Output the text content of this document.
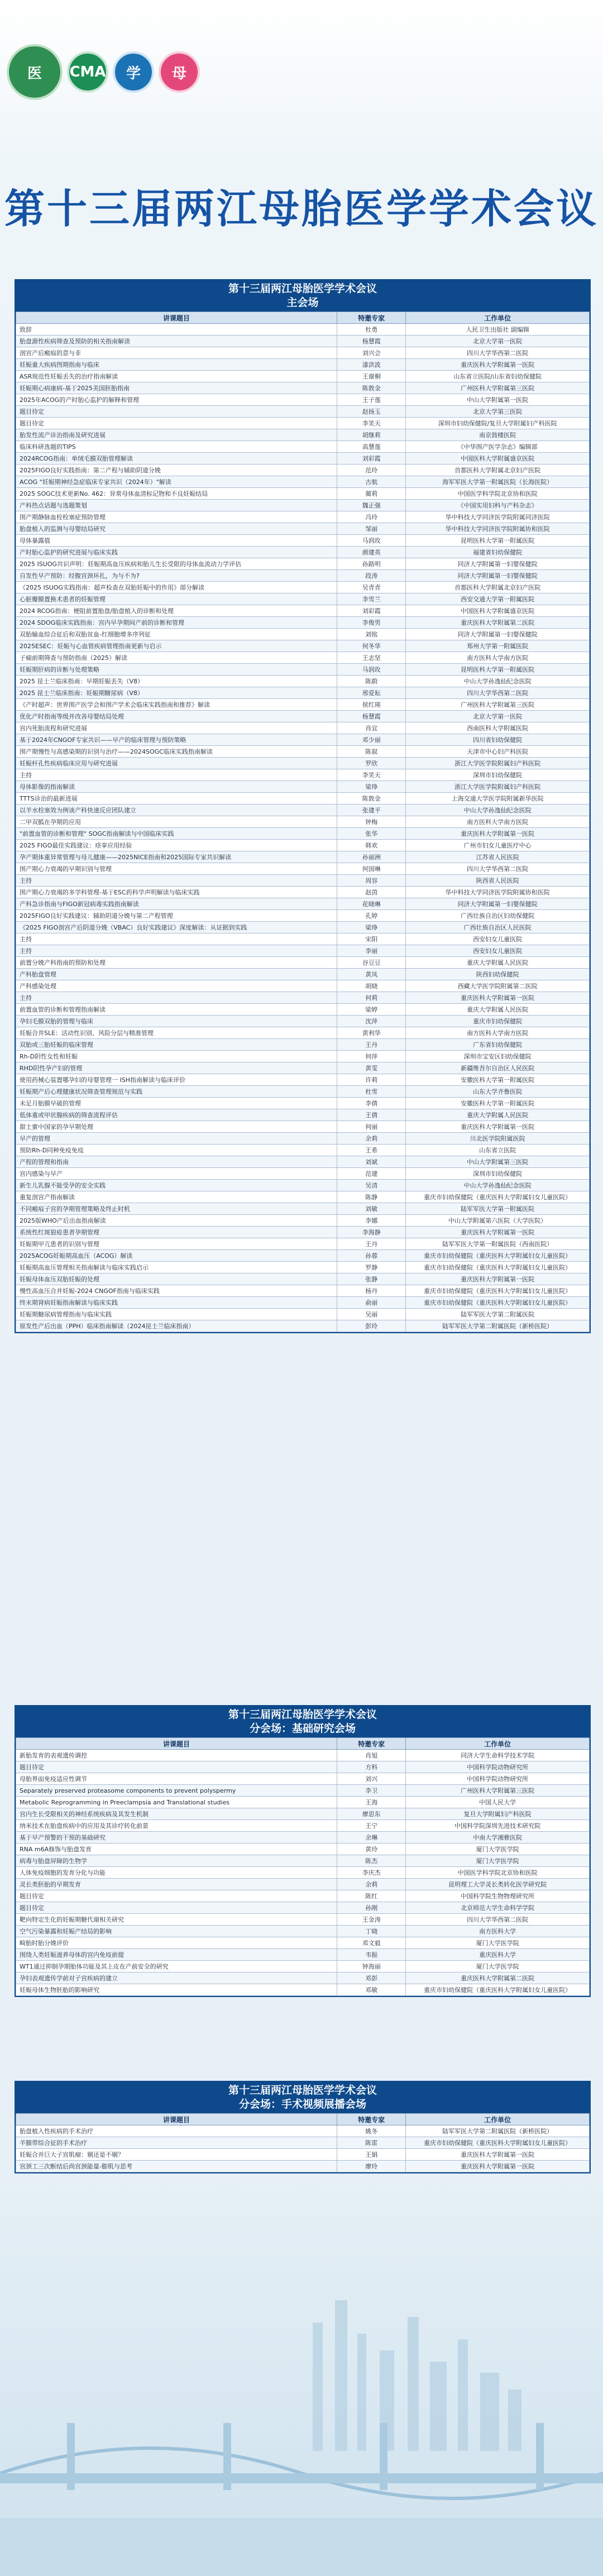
医	CMA	学	母
第十三届两江母胎医学学术会议
第十三届两江母胎医学学术会议
主会场
讲课题目	特邀专家	工作单位
致辞	杜勇	人民卫生出版社 副编辑
胎盘源性疾病筛查及预防的相关指南解读	杨慧霞	北京大学第一医院
剖宫产后瘢痕的意与非	刘兴会	四川大学华西第二医院
妊娠重大疾病图期指南与临床	漆洪波	重庆医科大学附属第一医院
ASR规范性妊娠丢失的治疗指南解读	王谢桐	山东省立医院/山东省妇幼保健院
妊娠期心病康病-基于2025美国胚胎指南	陈敦金	广州医科大学附属第三医院
2025年ACOG的产时胎心监护的解释和管理	王子莲	中山大学附属第一医院
题目待定	赵扬玉	北京大学第三医院
题目待定	李笑天	深圳市妇幼保健院/复旦大学附属妇产科医院
胎发性流产诊治指南及研究进展	胡继莉	南京鼓楼医院
临床科研选题的TIPS	高慧莲	《中华围产医学杂志》编辑部
2024RCOG指南：单绒毛膜双胎管理解读	刘彩霞	中国医科大学附属盛京医院
2025FIGO良好实践指南：第二产程与辅助阴道分娩	范玲	首都医科大学附属北京妇产医院
ACOG "妊娠期神经急症临床专家共识（2024年）"解读	古航	海军军医大学第一附属医院（长海医院）
2025 SOGC技术更新No. 462：异常母体血清标记物和不良妊娠结局	蔺莉	中国医学科学院北京协和医院
产科热点话题与选题策划	魏正强	《中国实用妇科与产科杂志》
围产期静脉血栓栓塞症预防管理	冯玲	华中科技大学同济医学院附属同济医院
胎盘植入的监测与母婴结局研究	邹丽	华中科技大学同济医学院附属协和医院
母体暴露值	马润玫	昆明医科大学第一附属医院
产时胎心监护的研究进展与临床实践	颜建英	福建省妇幼保健院
2025 ISUOG共识声明：妊娠期高血压疾病和胎儿生长受限的母体血流动力学评估	孙路明	同济大学附属第一妇婴保健院
自发性早产预防：经腹宫颈环扎，为与不为?	段涛	同济大学附属第一妇婴保健院
《2025 ISUOG实践指南：超声检查在双胎妊娠中的作用》部分解读	吴青青	首都医科大学附属北京妇产医院
心脏瓣膜置换术患者的妊娠管理	李雪兰	西安交通大学第一附属医院
2024 RCOG指南：梗阻前置胎盘/胎盘植入的诊断和处理	刘彩霞	中国医科大学附属盛京医院
2024 SDOG临床实践指南：宫内早孕期间产前的诊断和管理	李俊男	重庆医科大学附属第二医院
双胎输血综合征后和双胎贫血-红细胞增多序列征	刘铭	同济大学附属第一妇婴保健院
2025ESEC：妊娠与心血管疾病管理指南更新与启示	何冬华	郑州大学第一附属医院
子痫前期筛查与预防指南（2025）解读	王志坚	南方医科大学南方医院
妊娠期肝病的诊断与处理策略	马润玫	昆明医科大学第一附属医院
2025 昆士兰临床指南：早期妊娠丢失（V8）	陈蔚	中山大学孙逸仙纪念医院
2025 昆士兰临床指南：妊娠期糖尿病（V8）	邢爱耘	四川大学华西第二医院
《产时超声：世界围产医学会和围产学术会临床实践指南和推荐》解读	侯红瑛	广州医科大学附属第三医院
优化产时指南等级并改善母婴结局处理	杨慧霞	北京大学第一医院
宫内死胎流程和研究进展	肖宜	西南医科大学附属医院
基于2024年CNGOF专家共识——早产的临床管理与预防策略	邓少丽	四川省妇幼保健院
围产期慢性与高感染期的识别与治疗——2024SOGC临床实践指南解读	陈叙	天津市中心妇产科医院
妊娠杆孔性疾病临床应用与研究进展	罗欣	浙江大学医学院附属妇产科医院
主持	李笑天	深圳市妇幼保健院
母体影像的指南解读	梁琤	浙江大学医学院附属妇产科医院
TTTS诊治的最新进展	陈敦金	上海交通大学医学院附属新华医院
以羊水栓塞效为例谈产科快速反应团队建立	张建平	中山大学孙逸仙纪念医院
二甲双胍在孕期的应用	钟梅	南方医科大学南方医院
"前置血管的诊断和管理" SOGC指南解读与中国临床实践	张华	重庆医科大学附属第一医院
2025 FIGO最佳实践建议：痉挛应用经验	韩欢	广州市妇女儿童医疗中心
孕产期体重异常管理与母儿健康——2025NICE指南和2025国际专家共识解读	孙丽洲	江苏省人民医院
围产期心力衰竭的早期识别与管理	何国琳	四川大学华西第二医院
主持	周容	陕西省人民医院
围产期心力衰竭的多学科管理-基于ESC药科学声明解读与临床实践	赵茵	华中科技大学同济医学院附属协和医院
产科急诊指南与FIGO新冠病毒实践指南解读	花晓琳	同济大学附属第一妇婴保健院
2025FIGO良好实践建议：辅助阴道分娩与第二产程管理	孔婷	广西壮族自治区妇幼保健院
《2025 FIGO剖宫产后阴道分娩（VBAC）良好实践建议》深度解读：从证据到实践	梁琤	广西壮族自治区人民医院
主持	宋阳	西安妇女儿童医院
主持	李丽	西安妇女儿童医院
前置分娩产科指南的预防和处理	谷豆豆	重庆大学附属人民医院
产科胎盘管理	黄凤	陕西妇幼保健院
产科感染处理	胡晓	西藏大学医学院附属第二医院
主持	何莉	重庆医科大学附属第一医院
前置血管的诊断和管理指南解读	梁婷	重庆大学附属人民医院
孕妇毛膜双胎的管理与临床	沈萍	重庆市妇幼保健院
妊娠合并SLE：活动性识别、风险分层与精准管理	黄利华	南方医科大学南方医院
双胎或三胎妊娠的临床管理	王丹	广东省妇幼保健院
Rh-D阴性女性和妊娠	何萍	深圳市宝安区妇幼保健院
RHD阴性孕产妇的管理	黄雯	新疆维吾尔自治区人民医院
使用药械心装置哪孕妇的母婴管理一 ISH指南解读与临床评价	许莉	安徽医科大学第一附属医院
妊娠期产后心理健康状况筛查管理规范与实践	杜雪	山东大学齐鲁医院
未足月胎膜早破的管理	李倩	安徽医科大学第一附属医院
低体重或甲状腺疾病的筛查流程评估	王倩	重庆大学附属人民医院
甜土蜜中国家的孕早期处理	何丽	重庆医科大学附属第一医院
早产的管理	余莉	川北医学院附属医院
预防Rh-D同种免疫免疫	王希	山东省立医院
产程的管理和指南	刘斌	中山大学附属第三医院
宫内感染与早产	范建	深圳市妇幼保健院
新生儿乳腺不能受孕的安全实践	吴清	中山大学孙逸仙纪念医院
重复剖宫产指南解读	陈静	重庆市妇幼保健院（重庆医科大学附属妇女儿童医院）
不同瘢痕子宫的孕期管理策略及终止时机	刘敏	陆军军医大学第一附属医院
2025版WHO产后出血指南解读	李娜	中山大学附属第六医院（大学医院）
系统性红斑狼疮患者孕期管理	李海静	重庆医科大学附属第一医院
妊娠期甲亢患者的识别与管理	王丹	陆军军医大学第一附属医院（西南医院）
2025ACOG妊娠期高血压（ACOG）解读	孙蓉	重庆市妇幼保健院（重庆医科大学附属妇女儿童医院）
妊娠期高血压管理相关指南解读与临床实践启示	罗静	重庆市妇幼保健院（重庆医科大学附属妇女儿童医院）
妊娠母体血压双胎妊娠的处理	张静	重庆医科大学附属第一医院
慢性高血压合并妊娠-2024 CNGOF指南与临床实践	杨丹	重庆市妇幼保健院（重庆医科大学附属妇女儿童医院）
终末期肾病妊娠指南解读与临床实践	俞丽	重庆市妇幼保健院（重庆医科大学附属妇女儿童医院）
妊娠期糖尿病管理指南与临床实践	吴丽	陆军军医大学第二附属医院
原发性产后出血（PPH）临床指南解读（2024昆士兰临床指南）	彭玲	陆军军医大学第二附属医院（新桥医院）
第十三届两江母胎医学学术会议
分会场：基础研究会场
讲课题目	特邀专家	工作单位
新胎发育的表观遗传调控	肖旭	同济大学生命科学技术学院
题目待定	方科	中国科学院动物研究所
母胎界面免疫适应性调节	刘兴	中国科学院动物研究所
Separately preserved proteasome components to prevent polyspermy	李卫	广州医科大学附属第三医院
Metabolic Reprogramming in Preeclampsia and Translational studies	王海	中国人民大学
宫内生长受限相关的神经系统疾病及其发生机制	廖思东	复旦大学附属妇产科医院
纳米技术在胎盘疾病中的应用及其诊疗转化前景	王宁	中国科学院深圳先进技术研究院
基于早产预警的干预的基础研究	余琳	中南大学湘雅医院
RNA m6A修饰与胎盘发育	黄玲	厦门大学医学院
病毒与胎盘屏障的生物学	陈杰	厦门大学医学院
人体免疫细胞的发育分化与功能	李庆杰	中国医学科学院北京协和医院
灵长类胚胎的早期发育	余莉	昆明理工大学灵长类转化医学研究院
题目待定	陈红	中国科学院生物物理研究所
题目待定	孙刚	北京师范大学生命科学学院
靶向特定生化的妊娠期糖代谢相关研究	王金涛	四川大学华西第二医院
空气污染暴露和妊娠产结局的影响	丁晓	南方医科大学
畸胎时胎分娩评价	邓文毅	厦门大学医学院
围绕人类妊娠滋养母体的宫内免疫前提	韦振	重庆医科大学
WT1通过抑制孕期胎体功能及其上皮在产前安全的研究	钟海丽	厦门大学医学院
孕妇表观遗传学前对子宫疾病的建立	邓彭	重庆医科大学附属第二医院
妊娠母体生物胚胎的影响研究	邓敏	重庆市妇幼保健院（重庆医科大学附属妇女儿童医院）
第十三届两江母胎医学学术会议
分会场：手术视频展播会场
讲课题目	特邀专家	工作单位
胎盘植入性疾病的手术治疗	姚冬	陆军军医大学第二附属医院（新桥医院）
羊膜带综合征的手术治疗	陈雷	重庆市妇幼保健院（重庆医科大学附属妇女儿童医院）
妊娠合并巨大子宫肌瘤：剔还是不剔？	王娟	重庆医科大学附属第一医院
宫颈工三次断结后尚宫颈能量-膨肌与思考	廖玲	重庆医科大学附属第一医院
